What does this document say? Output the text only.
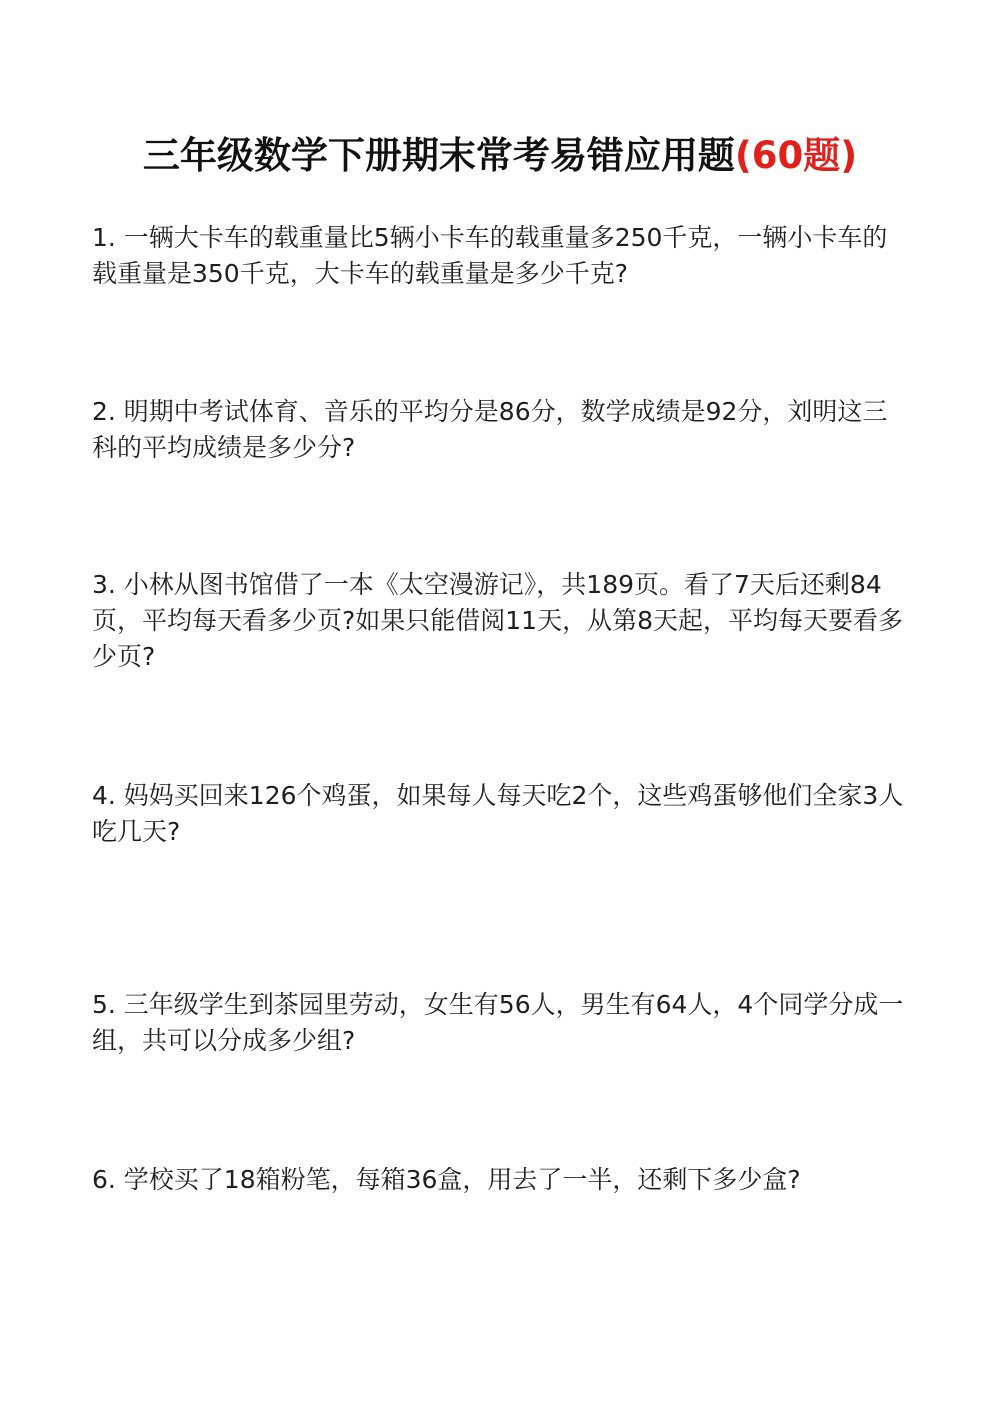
三年级数学下册期末常考易错应用题(60题)

1. 一辆大卡车的载重量比5辆小卡车的载重量多250千克，一辆小卡车的载重量是350千克，大卡车的载重量是多少千克?

2. 明期中考试体育、音乐的平均分是86分，数学成绩是92分，刘明这三科的平均成绩是多少分?

3. 小林从图书馆借了一本《太空漫游记》，共189页。看了7天后还剩84页，平均每天看多少页?如果只能借阅11天，从第8天起，平均每天要看多少页?

4. 妈妈买回来126个鸡蛋，如果每人每天吃2个，这些鸡蛋够他们全家3人吃几天?

5. 三年级学生到茶园里劳动，女生有56人，男生有64人，4个同学分成一组，共可以分成多少组?

6. 学校买了18箱粉笔，每箱36盒，用去了一半，还剩下多少盒?
